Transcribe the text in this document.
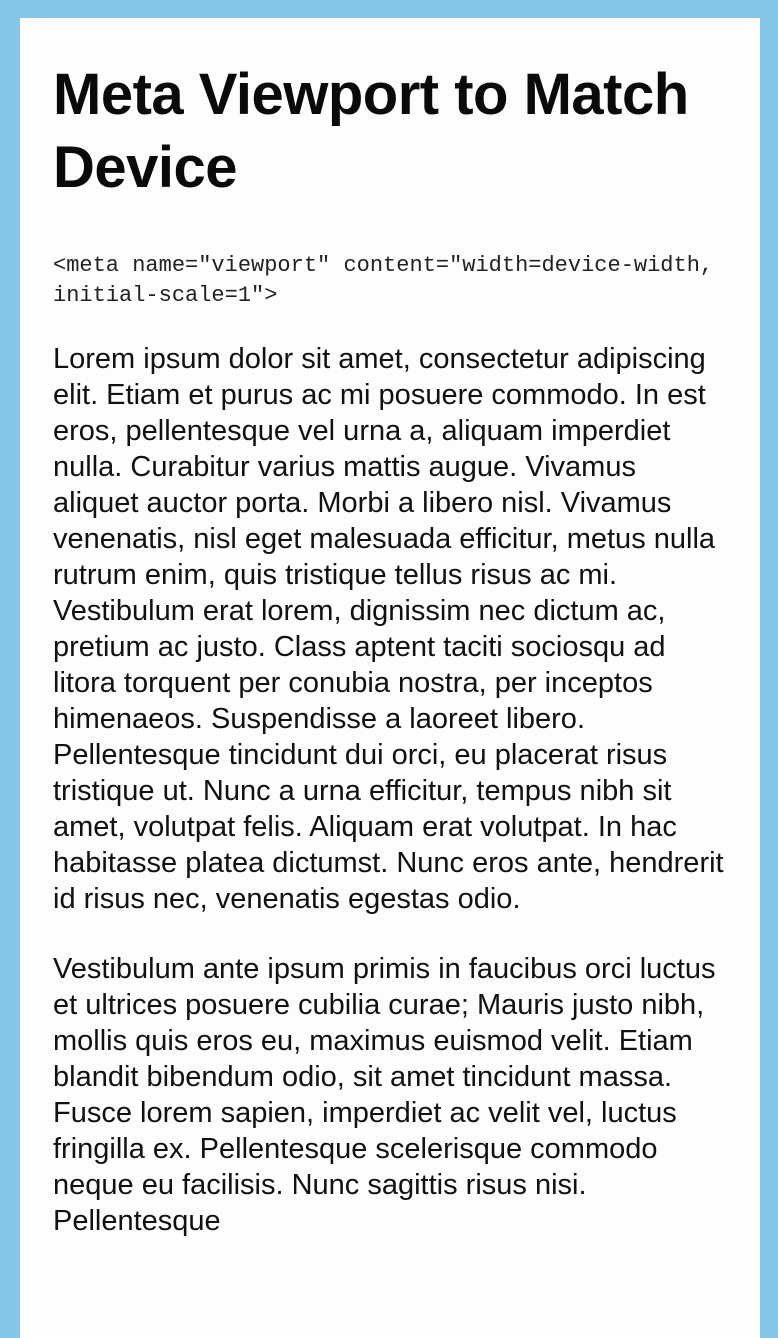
Meta Viewport to Match Device
<meta name="viewport" content="width=device-width, initial-scale=1">

Lorem ipsum dolor sit amet, consectetur adipiscing elit. Etiam et purus ac mi posuere commodo. In est eros, pellentesque vel urna a, aliquam imperdiet nulla. Curabitur varius mattis augue. Vivamus aliquet auctor porta. Morbi a libero nisl. Vivamus venenatis, nisl eget malesuada efficitur, metus nulla rutrum enim, quis tristique tellus risus ac mi. Vestibulum erat lorem, dignissim nec dictum ac, pretium ac justo. Class aptent taciti sociosqu ad litora torquent per conubia nostra, per inceptos himenaeos. Suspendisse a laoreet libero. Pellentesque tincidunt dui orci, eu placerat risus tristique ut. Nunc a urna efficitur, tempus nibh sit amet, volutpat felis. Aliquam erat volutpat. In hac habitasse platea dictumst. Nunc eros ante, hendrerit id risus nec, venenatis egestas odio.

Vestibulum ante ipsum primis in faucibus orci luctus et ultrices posuere cubilia curae; Mauris justo nibh, mollis quis eros eu, maximus euismod velit. Etiam blandit bibendum odio, sit amet tincidunt massa. Fusce lorem sapien, imperdiet ac velit vel, luctus fringilla ex. Pellentesque scelerisque commodo neque eu facilisis. Nunc sagittis risus nisi. Pellentesque
